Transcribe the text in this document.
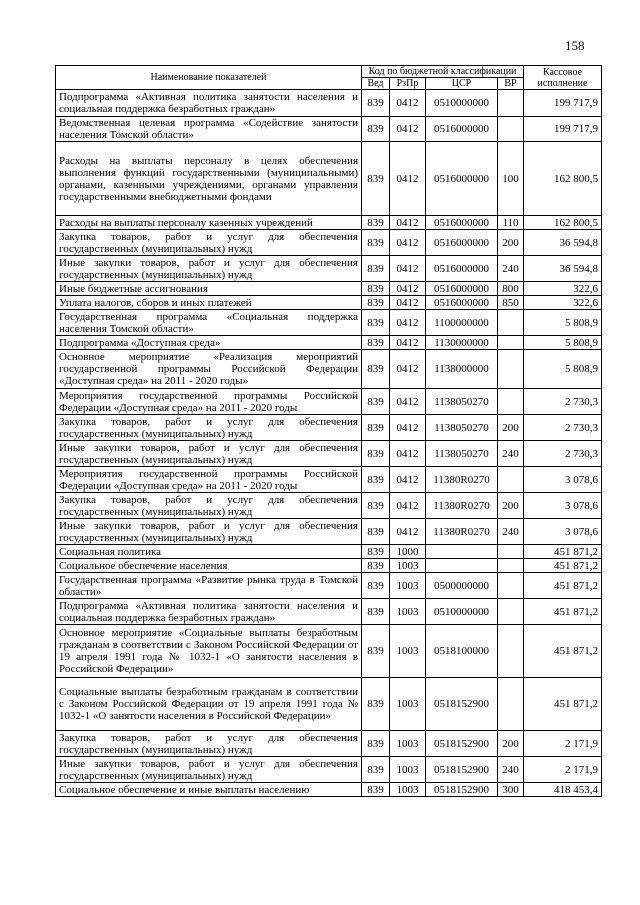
158
Наименование показателей	Код по бюджетной классификации				Кассовое исполнение
	Вед	РзПр	ЦСР	ВР	
Подпрограмма «Активная политика занятости населения и социальная поддержка безработных граждан»	839	0412	0510000000		199 717,9
Ведомственная целевая программа «Содействие занятости населения Томской области»	839	0412	0516000000		199 717,9
Расходы на выплаты персоналу в целях обеспечения выполнения функций государственными (муниципальными) органами, казенными учреждениями, органами управления государственными внебюджетными фондами	839	0412	0516000000	100	162 800,5
Расходы на выплаты персоналу казенных учреждений	839	0412	0516000000	110	162 800,5
Закупка товаров, работ и услуг для обеспечения государственных (муниципальных) нужд	839	0412	0516000000	200	36 594,8
Иные закупки товаров, работ и услуг для обеспечения государственных (муниципальных) нужд	839	0412	0516000000	240	36 594,8
Иные бюджетные ассигнования	839	0412	0516000000	800	322,6
Уплата налогов, сборов и иных платежей	839	0412	0516000000	850	322,6
Государственная программа «Социальная поддержка населения Томской области»	839	0412	1100000000		5 808,9
Подпрограмма «Доступная среда»	839	0412	1130000000		5 808,9
Основное мероприятие «Реализация мероприятий государственной программы Российской Федерации «Доступная среда» на 2011 - 2020 годы»	839	0412	1138000000		5 808,9
Мероприятия государственной программы Российской Федерации «Доступная среда» на 2011 - 2020 годы	839	0412	1138050270		2 730,3
Закупка товаров, работ и услуг для обеспечения государственных (муниципальных) нужд	839	0412	1138050270	200	2 730,3
Иные закупки товаров, работ и услуг для обеспечения государственных (муниципальных) нужд	839	0412	1138050270	240	2 730,3
Мероприятия государственной программы Российской Федерации «Доступная среда» на 2011 - 2020 годы	839	0412	11380R0270		3 078,6
Закупка товаров, работ и услуг для обеспечения государственных (муниципальных) нужд	839	0412	11380R0270	200	3 078,6
Иные закупки товаров, работ и услуг для обеспечения государственных (муниципальных) нужд	839	0412	11380R0270	240	3 078,6
Социальная политика	839	1000			451 871,2
Социальное обеспечение населения	839	1003			451 871,2
Государственная программа «Развитие рынка труда в Томской области»	839	1003	0500000000		451 871,2
Подпрограмма «Активная политика занятости населения и социальная поддержка безработных граждан»	839	1003	0510000000		451 871,2
Основное мероприятие «Социальные выплаты безработным гражданам в соответствии с Законом Российской Федерации от 19 апреля 1991 года № 1032-1 «О занятости населения в Российской Федерации»	839	1003	0518100000		451 871,2
Социальные выплаты безработным гражданам в соответствии с Законом Российской Федерации от 19 апреля 1991 года № 1032-1 «О занятости населения в Российской Федерации»	839	1003	0518152900		451 871,2
Закупка товаров, работ и услуг для обеспечения государственных (муниципальных) нужд	839	1003	0518152900	200	2 171,9
Иные закупки товаров, работ и услуг для обеспечения государственных (муниципальных) нужд	839	1003	0518152900	240	2 171,9
Социальное обеспечение и иные выплаты населению	839	1003	0518152900	300	418 453,4
